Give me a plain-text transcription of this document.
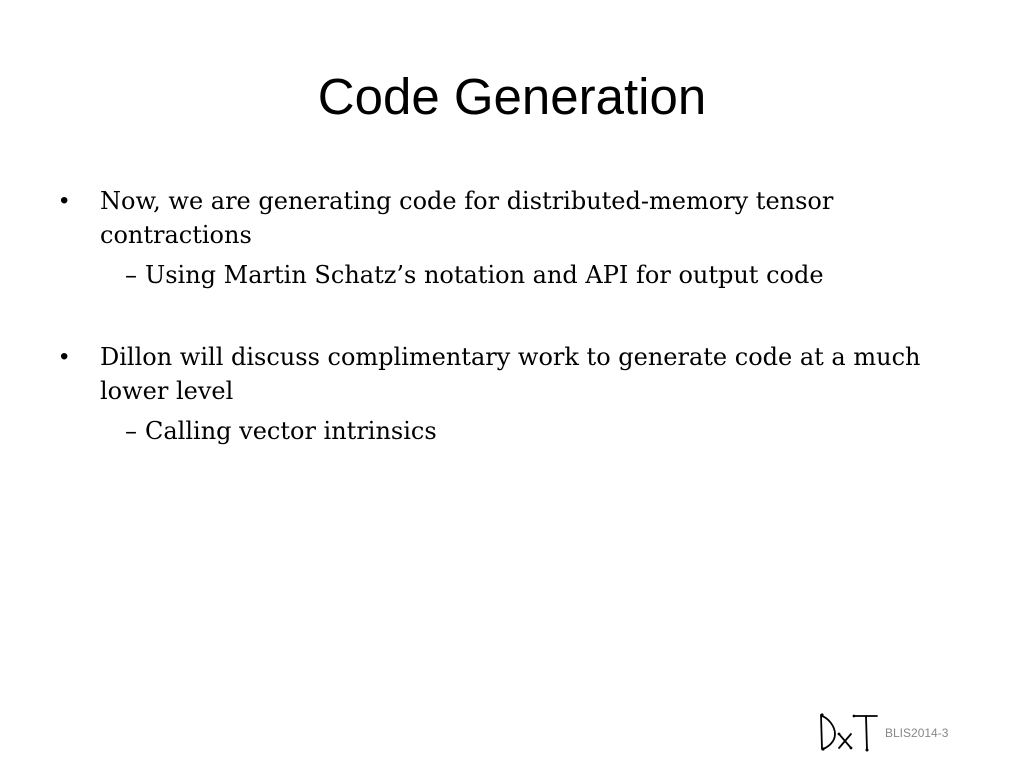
Code Generation
• Now, we are generating code for distributed-memory tensor contractions
– Using Martin Schatz’s notation and API for output code
• Dillon will discuss complimentary work to generate code at a much lower level
– Calling vector intrinsics
BLIS2014-3
